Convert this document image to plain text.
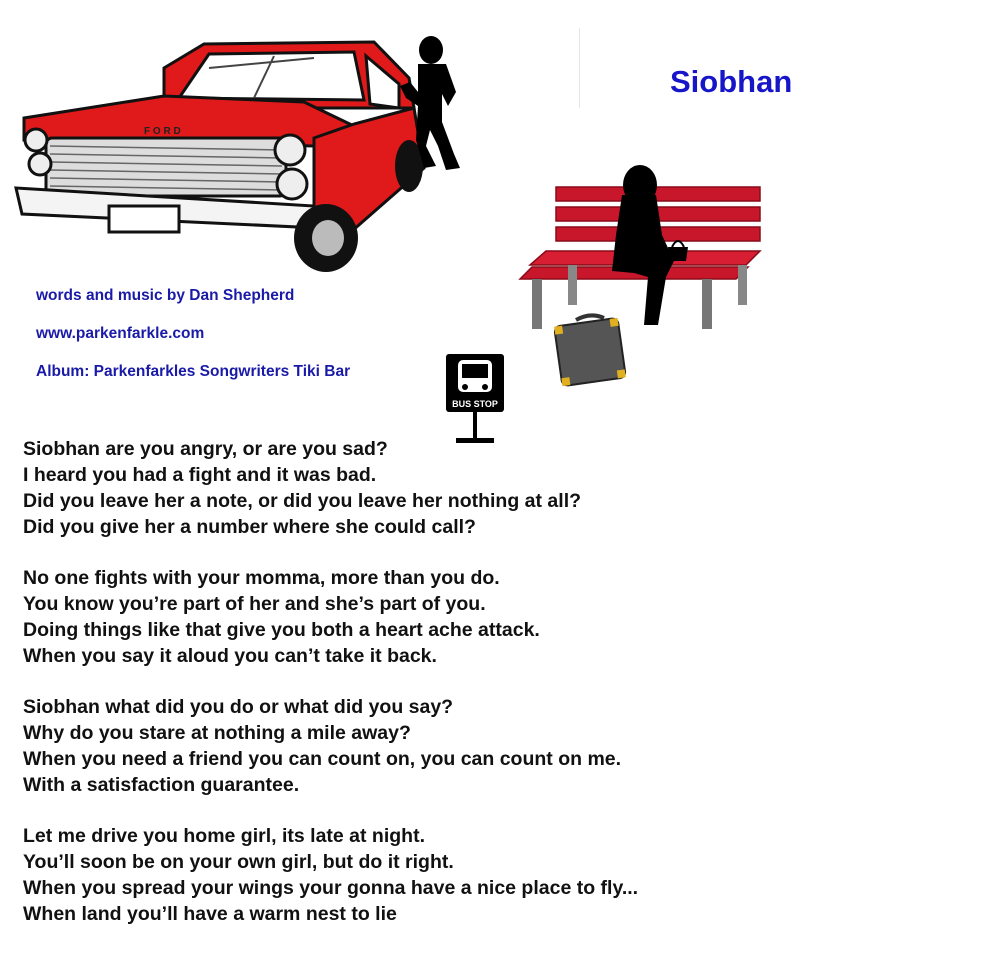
F O R D
Siobhan
BUS STOP
words and music by Dan Shepherd
www.parkenfarkle.com
Album: Parkenfarkles Songwriters Tiki Bar
Siobhan are you angry, or are you sad?
I heard you had a fight and it was bad.
Did you leave her a note, or did you leave her nothing at all?
Did you give her a number where she could call?
No one fights with your momma, more than you do.
You know you’re part of her and she’s part of you.
Doing things like that give you both a heart ache attack.
When you say it aloud you can’t take it back.
Siobhan what did you do or what did you say?
Why do you stare at nothing a mile away?
When you need a friend you can count on, you can count on me.
With a satisfaction guarantee.
Let me drive you home girl, its late at night.
You’ll soon be on your own girl, but do it right.
When you spread your wings your gonna have a nice place to fly...
When land you’ll have a warm nest to lie
